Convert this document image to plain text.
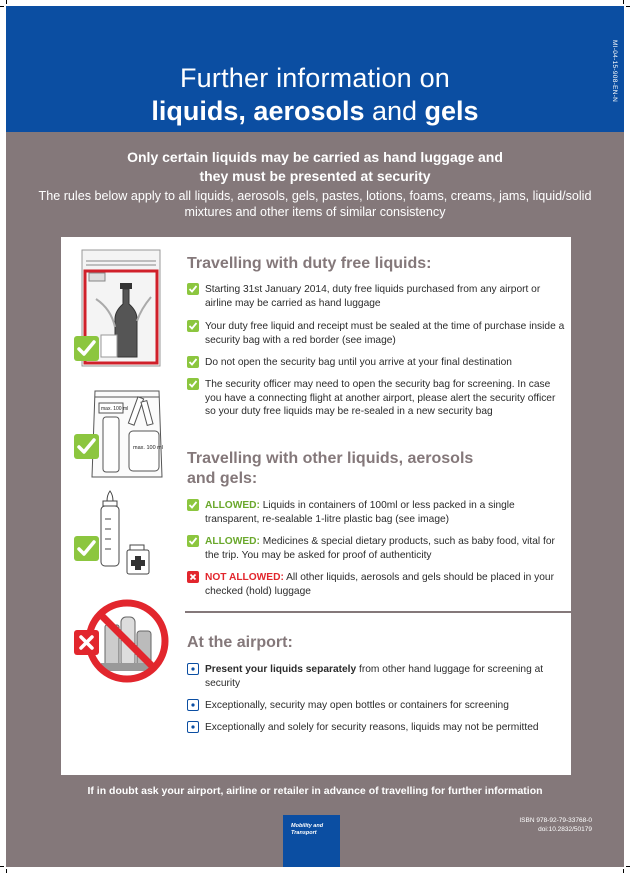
Further information on
liquids, aerosols and gels
MI-04-15-908-EN-N
Only certain liquids may be carried as hand luggage and
they must be presented at security
The rules below apply to all liquids, aerosols, gels, pastes, lotions, foams, creams, jams, liquid/solid mixtures and other items of similar consistency
max. 100 ml
max. 100 ml
Travelling with duty free liquids:
Starting 31st January 2014, duty free liquids purchased from any airport or airline may be carried as hand luggage
Your duty free liquid and receipt must be sealed at the time of purchase inside a security bag with a red border (see image)
Do not open the security bag until you arrive at your final destination
The security officer may need to open the security bag for screening. In case you have a connecting flight at another airport, please alert the security officer so your duty free liquids may be re-sealed in a new security bag
Travelling with other liquids, aerosols
and gels:
ALLOWED: Liquids in containers of 100ml or less packed in a single transparent, re-sealable 1-litre plastic bag (see image)
ALLOWED: Medicines & special dietary products, such as baby food, vital for the trip. You may be asked for proof of authenticity
NOT ALLOWED: All other liquids, aerosols and gels should be placed in your checked (hold) luggage
At the airport:
Present your liquids separately from other hand luggage for screening at security
Exceptionally, security may open bottles or containers for screening
Exceptionally and solely for security reasons, liquids may not be permitted
If in doubt ask your airport, airline or retailer in advance of travelling for further information
Mobility and
Transport
ISBN 978-92-79-33768-0
doi:10.2832/50179
